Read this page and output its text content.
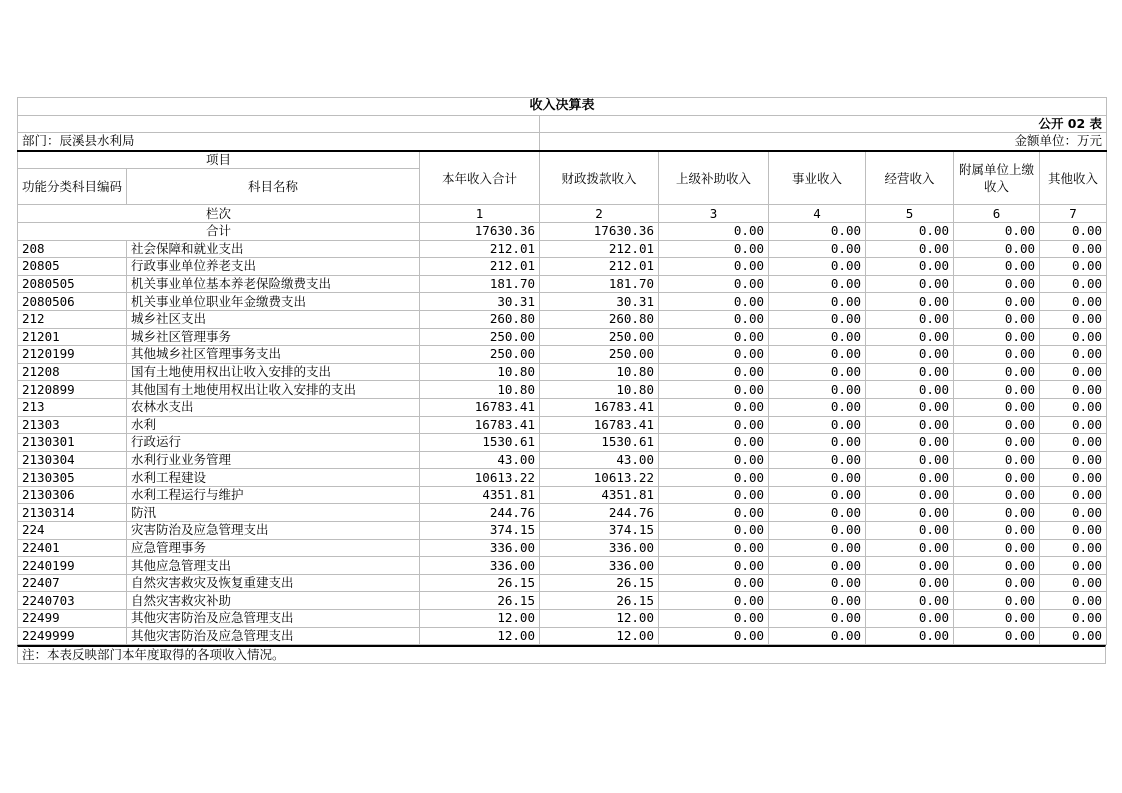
收入决算表								
			公开 02 表					
部门：辰溪县水利局			金额单位：万元					
项目		本年收入合计	财政拨款收入	上级补助收入	事业收入	经营收入	附属单位上缴收入	其他收入
功能分类科目编码	科目名称							
栏次		1	2	3	4	5	6	7
合计		17630.36	17630.36	0.00	0.00	0.00	0.00	0.00
208	社会保障和就业支出	212.01	212.01	0.00	0.00	0.00	0.00	0.00
20805	行政事业单位养老支出	212.01	212.01	0.00	0.00	0.00	0.00	0.00
2080505	机关事业单位基本养老保险缴费支出	181.70	181.70	0.00	0.00	0.00	0.00	0.00
2080506	机关事业单位职业年金缴费支出	30.31	30.31	0.00	0.00	0.00	0.00	0.00
212	城乡社区支出	260.80	260.80	0.00	0.00	0.00	0.00	0.00
21201	城乡社区管理事务	250.00	250.00	0.00	0.00	0.00	0.00	0.00
2120199	其他城乡社区管理事务支出	250.00	250.00	0.00	0.00	0.00	0.00	0.00
21208	国有土地使用权出让收入安排的支出	10.80	10.80	0.00	0.00	0.00	0.00	0.00
2120899	其他国有土地使用权出让收入安排的支出	10.80	10.80	0.00	0.00	0.00	0.00	0.00
213	农林水支出	16783.41	16783.41	0.00	0.00	0.00	0.00	0.00
21303	水利	16783.41	16783.41	0.00	0.00	0.00	0.00	0.00
2130301	行政运行	1530.61	1530.61	0.00	0.00	0.00	0.00	0.00
2130304	水利行业业务管理	43.00	43.00	0.00	0.00	0.00	0.00	0.00
2130305	水利工程建设	10613.22	10613.22	0.00	0.00	0.00	0.00	0.00
2130306	水利工程运行与维护	4351.81	4351.81	0.00	0.00	0.00	0.00	0.00
2130314	防汛	244.76	244.76	0.00	0.00	0.00	0.00	0.00
224	灾害防治及应急管理支出	374.15	374.15	0.00	0.00	0.00	0.00	0.00
22401	应急管理事务	336.00	336.00	0.00	0.00	0.00	0.00	0.00
2240199	其他应急管理支出	336.00	336.00	0.00	0.00	0.00	0.00	0.00
22407	自然灾害救灾及恢复重建支出	26.15	26.15	0.00	0.00	0.00	0.00	0.00
2240703	自然灾害救灾补助	26.15	26.15	0.00	0.00	0.00	0.00	0.00
22499	其他灾害防治及应急管理支出	12.00	12.00	0.00	0.00	0.00	0.00	0.00
2249999	其他灾害防治及应急管理支出	12.00	12.00	0.00	0.00	0.00	0.00	0.00
注：本表反映部门本年度取得的各项收入情况。
